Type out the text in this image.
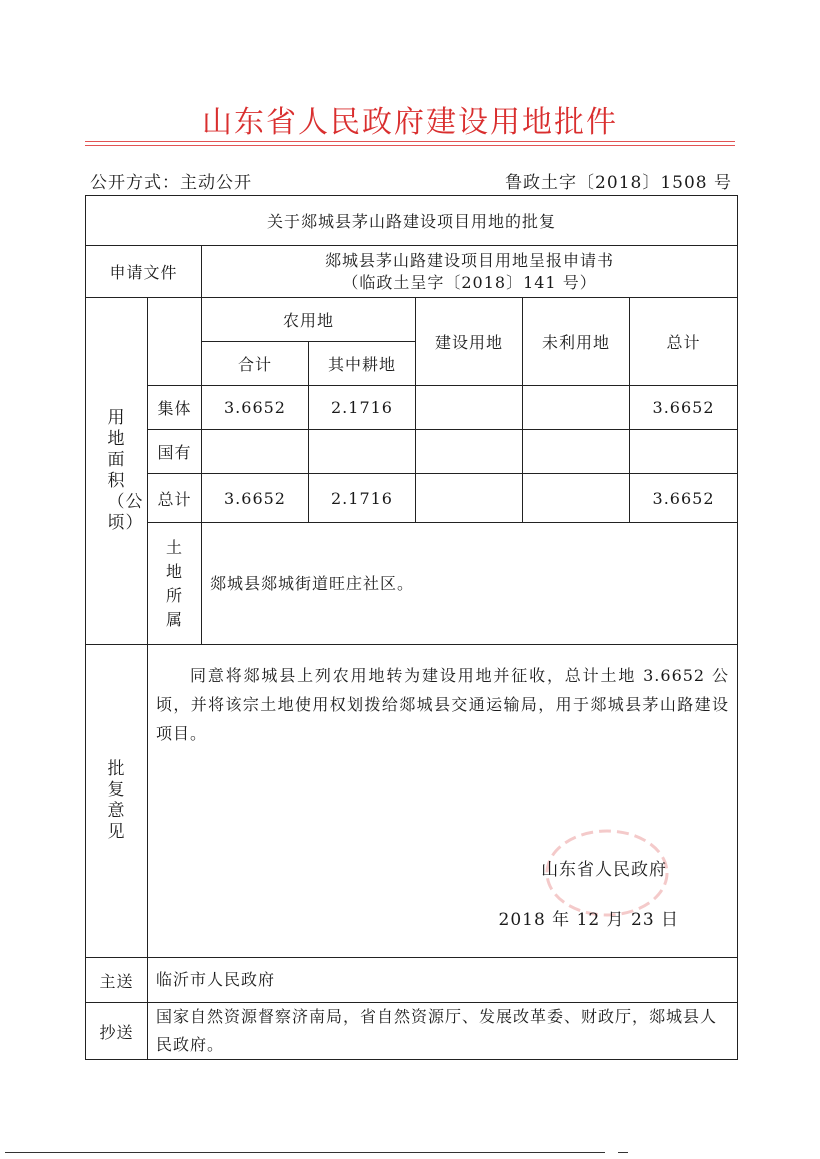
山东省人民政府建设用地批件
公开方式：主动公开	鲁政土字〔2018〕1508 号
关于郯城县茅山路建设项目用地的批复						
申请文件		郯城县茅山路建设项目用地呈报申请书
（临政土呈字〔2018〕141 号）				

用地面积（公顷）		农用地		建设用地	未利用地	总计
		合计	其中耕地			
	集体	3.6652	2.1716			3.6652
	国有					
	总计	3.6652	2.1716			3.6652
	土地所属	郯城县郯城街道旺庄社区。				
批复意见	同意将郯城县上列农用地转为建设用地并征收，总计土地 3.6652 公顷，并将该宗土地使用权划拨给郯城县交通运输局，用于郯城县茅山路建设项目。
山东省人民政府
2018 年 12 月 23 日					

主送	临沂市人民政府					
抄送	国家自然资源督察济南局，省自然资源厅、发展改革委、财政厅，郯城县人民政府。					
